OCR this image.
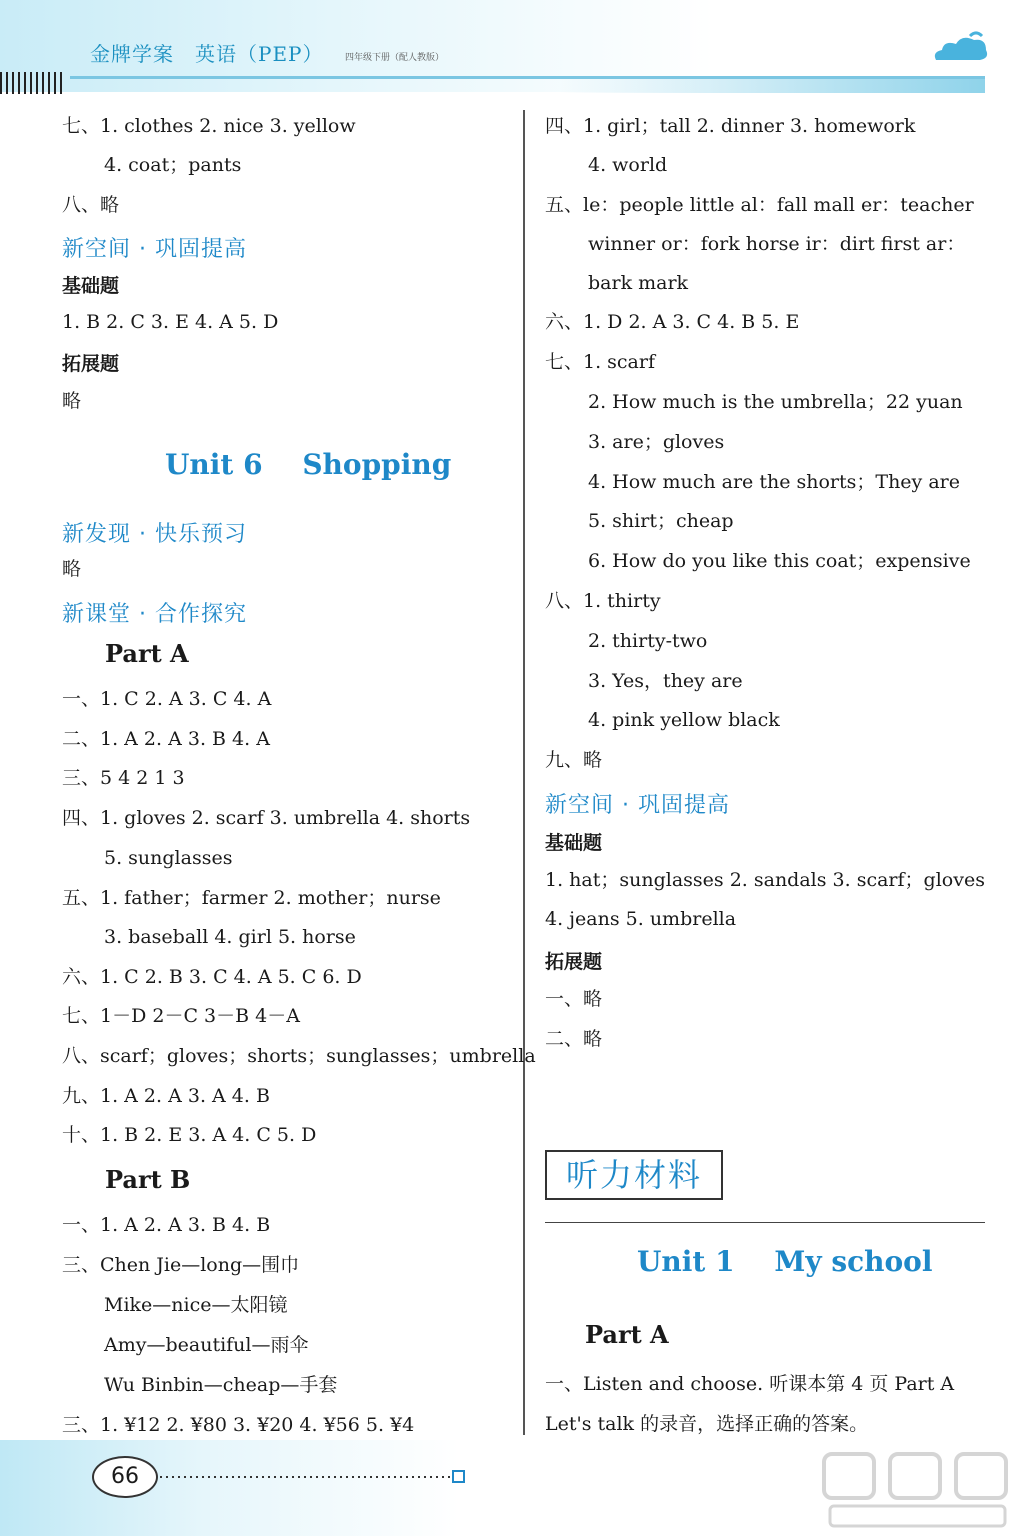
金牌学案　英语（PEP） 四年级下册（配人教版）
七、1. clothes 2. nice 3. yellow
4. coat；pants
八、略
新空间 · 巩固提高
基础题
1. B 2. C 3. E 4. A 5. D
拓展题
略
Unit 6 Shopping
新发现 · 快乐预习
略
新课堂 · 合作探究
Part A
一、1. C 2. A 3. C 4. A
二、1. A 2. A 3. B 4. A
三、5 4 2 1 3
四、1. gloves 2. scarf 3. umbrella 4. shorts
5. sunglasses
五、1. father；farmer 2. mother；nurse
3. baseball 4. girl 5. horse
六、1. C 2. B 3. C 4. A 5. C 6. D
七、1－D 2－C 3－B 4－A
八、scarf；gloves；shorts；sunglasses；umbrella
九、1. A 2. A 3. A 4. B
十、1. B 2. E 3. A 4. C 5. D
Part B
一、1. A 2. A 3. B 4. B
三、Chen Jie—long—围巾
Mike—nice—太阳镜
Amy—beautiful—雨伞
Wu Binbin—cheap—手套
三、1. ¥12 2. ¥80 3. ¥20 4. ¥56 5. ¥4
四、1. girl；tall 2. dinner 3. homework
4. world
五、le：people little al：fall mall er：teacher
winner or：fork horse ir：dirt first ar：
bark mark
六、1. D 2. A 3. C 4. B 5. E
七、1. scarf
2. How much is the umbrella；22 yuan
3. are；gloves
4. How much are the shorts；They are
5. shirt；cheap
6. How do you like this coat；expensive
八、1. thirty
2. thirty-two
3. Yes，they are
4. pink yellow black
九、略
新空间 · 巩固提高
基础题
1. hat；sunglasses 2. sandals 3. scarf；gloves
4. jeans 5. umbrella
拓展题
一、略
二、略
听力材料
Unit 1 My school
Part A
一、Listen and choose. 听课本第 4 页 Part A
Let's talk 的录音，选择正确的答案。
66
